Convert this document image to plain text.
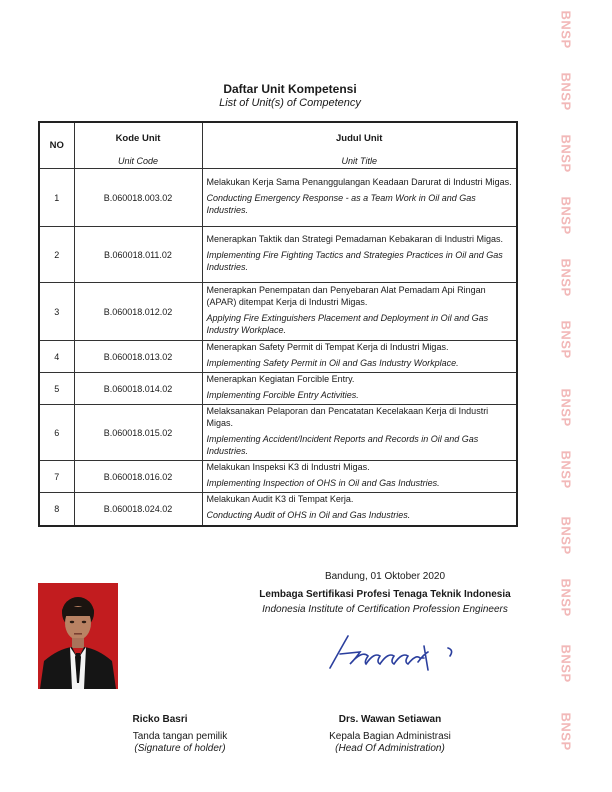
BNSP
BNSP
BNSP
BNSP
BNSP
BNSP
BNSP
BNSP
BNSP
BNSP
BNSP
BNSP
Daftar Unit Kompetensi
List of Unit(s) of Competency
NO	Kode Unit	Judul Unit
	Unit Code	Unit Title
1	B.060018.003.02	Melakukan Kerja Sama Penanggulangan Keadaan Darurat di Industri Migas.
Conducting Emergency Response - as a Team Work in Oil and Gas Industries.

2	B.060018.011.02	Menerapkan Taktik dan Strategi Pemadaman Kebakaran di Industri Migas.
Implementing Fire Fighting Tactics and Strategies Practices in Oil and Gas Industries.

3	B.060018.012.02	Menerapkan Penempatan dan Penyebaran Alat Pemadam Api Ringan (APAR) ditempat Kerja di Industri Migas.
Applying Fire Extinguishers Placement and Deployment in Oil and Gas Industry Workplace.

4	B.060018.013.02	Menerapkan Safety Permit di Tempat Kerja di Industri Migas.
Implementing Safety Permit in Oil and Gas Industry Workplace.

5	B.060018.014.02	Menerapkan Kegiatan Forcible Entry.
Implementing Forcible Entry Activities.

6	B.060018.015.02	Melaksanakan Pelaporan dan Pencatatan Kecelakaan Kerja di Industri Migas.
Implementing Accident/Incident Reports and Records in Oil and Gas Industries.

7	B.060018.016.02	Melakukan Inspeksi K3 di Industri Migas.
Implementing Inspection of OHS in Oil and Gas Industries.

8	B.060018.024.02	Melakukan Audit K3 di Tempat Kerja.
Conducting Audit of OHS in Oil and Gas Industries.
Bandung, 01 Oktober 2020
Lembaga Sertifikasi Profesi Tenaga Teknik Indonesia
Indonesia Institute of Certification Profession Engineers
Ricko Basri
Tanda tangan pemilik
(Signature of holder)
Drs. Wawan Setiawan
Kepala Bagian Administrasi
(Head Of Administration)
